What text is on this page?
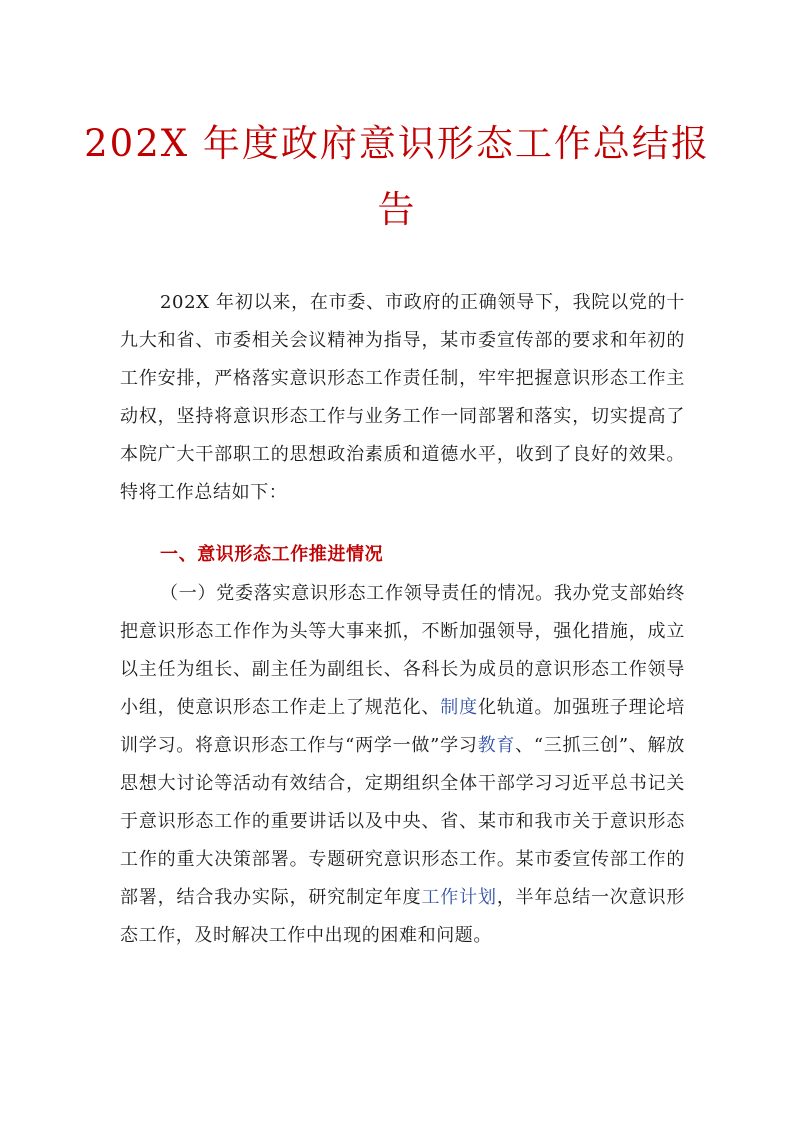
202X 年度政府意识形态工作总结报
告

202X 年初以来，在市委、市政府的正确领导下，我院以党的十九大和省、市委相关会议精神为指导，某市委宣传部的要求和年初的工作安排，严格落实意识形态工作责任制，牢牢把握意识形态工作主动权，坚持将意识形态工作与业务工作一同部署和落实，切实提高了本院广大干部职工的思想政治素质和道德水平，收到了良好的效果。特将工作总结如下：

一、意识形态工作推进情况

（一）党委落实意识形态工作领导责任的情况。我办党支部始终把意识形态工作作为头等大事来抓，不断加强领导，强化措施，成立以主任为组长、副主任为副组长、各科长为成员的意识形态工作领导小组，使意识形态工作走上了规范化、制度化轨道。加强班子理论培训学习。将意识形态工作与“两学一做”学习教育、“三抓三创”、解放思想大讨论等活动有效结合，定期组织全体干部学习习近平总书记关于意识形态工作的重要讲话以及中央、省、某市和我市关于意识形态工作的重大决策部署。专题研究意识形态工作。某市委宣传部工作的部署，结合我办实际，研究制定年度工作计划，半年总结一次意识形态工作，及时解决工作中出现的困难和问题。
